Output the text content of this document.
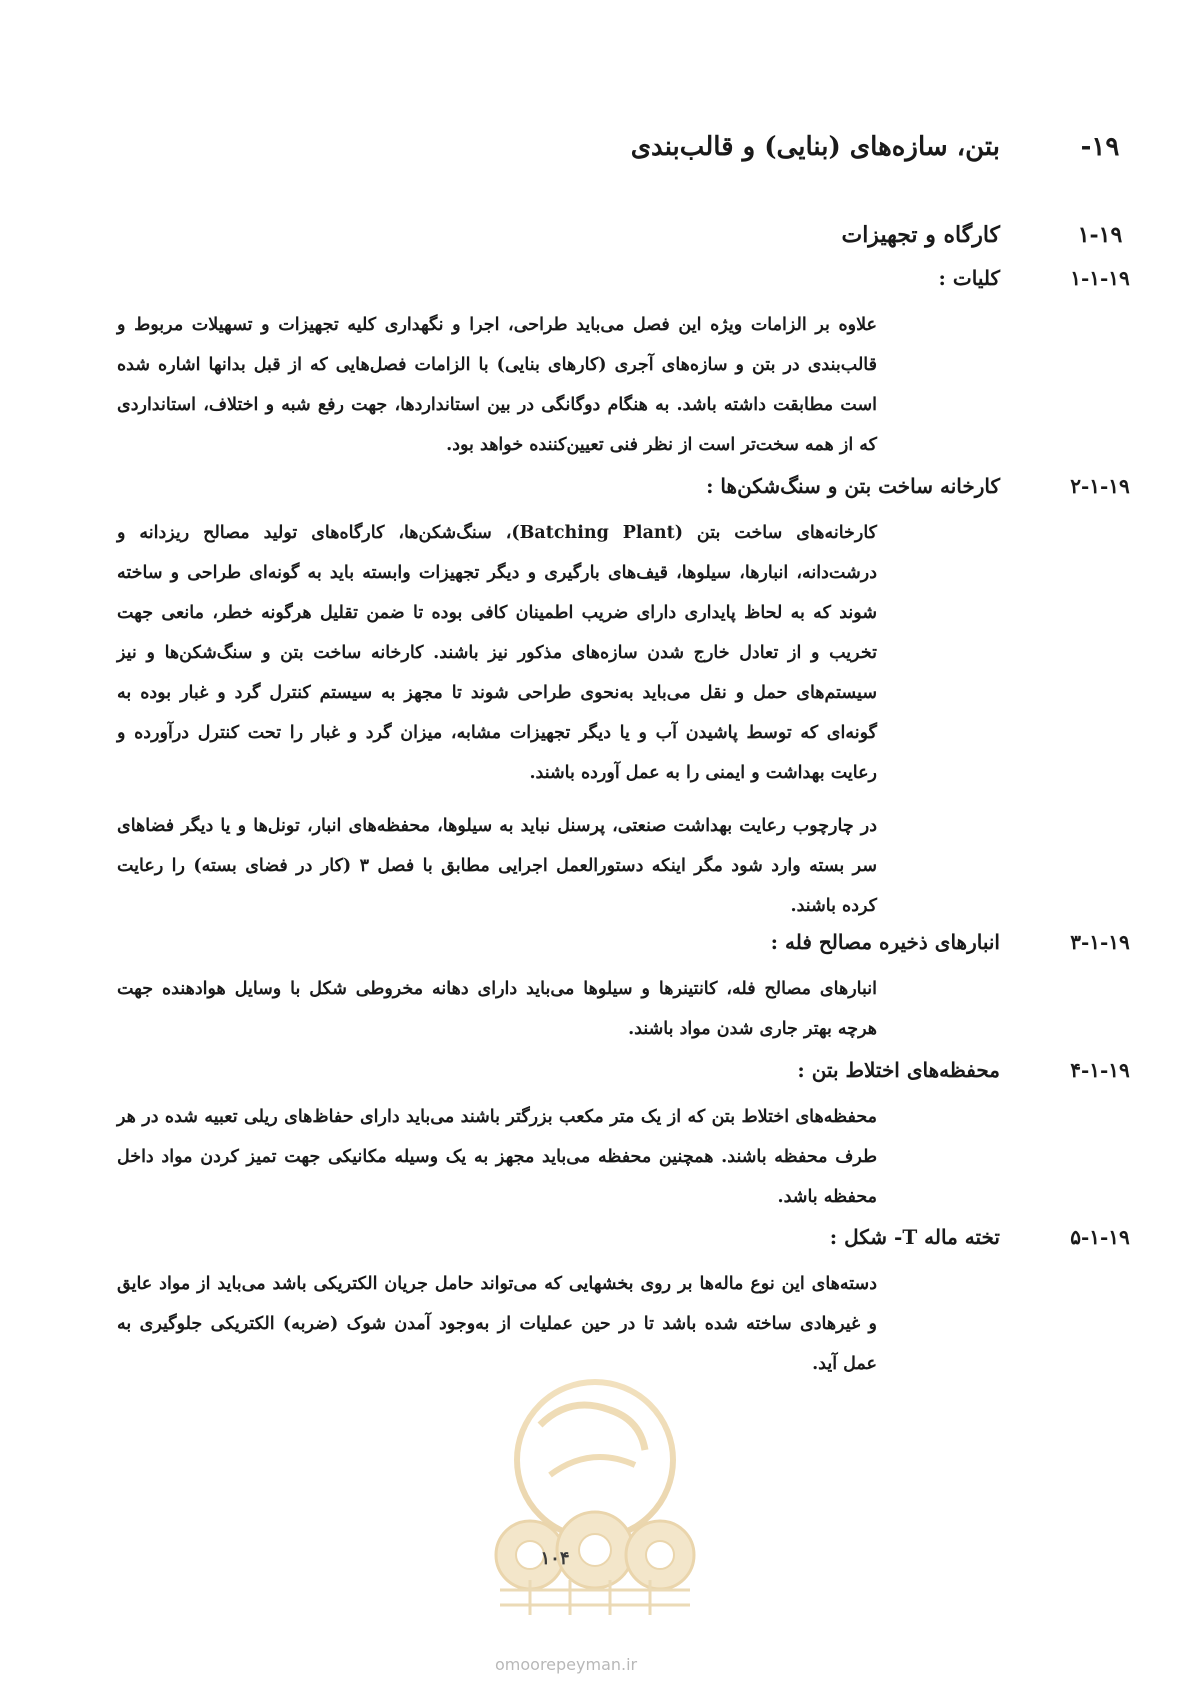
۱۹-
بتن، سازه‌های (بنایی) و قالب‌بندی
۱-۱۹
کارگاه و تجهیزات
۱-۱-۱۹
کلیات :

علاوه بر الزامات ویژه این فصل می‌باید طراحی، اجرا و نگهداری کلیه تجهیزات و تسهیلات مربوط و قالب‌بندی در بتن و سازه‌های آجری (کارهای بنایی) با الزامات فصل‌هایی که از قبل بدانها اشاره شده است مطابقت داشته باشد. به هنگام دوگانگی در بین استانداردها، جهت رفع شبه و اختلاف، استانداردی که از همه سخت‌تر است از نظر فنی تعیین‌کننده خواهد بود.

۲-۱-۱۹
کارخانه ساخت بتن و سنگ‌شکن‌ها :

کارخانه‌های ساخت بتن (Batching Plant)، سنگ‌شکن‌ها، کارگاه‌های تولید مصالح ریزدانه و درشت‌دانه، انبارها، سیلوها، قیف‌های بارگیری و دیگر تجهیزات وابسته باید به گونه‌ای طراحی و ساخته شوند که به لحاظ پایداری دارای ضریب اطمینان کافی بوده تا ضمن تقلیل هرگونه خطر، مانعی جهت تخریب و از تعادل خارج شدن سازه‌های مذکور نیز باشند. کارخانه ساخت بتن و سنگ‌شکن‌ها و نیز سیستم‌های حمل و نقل می‌باید به‌نحوی طراحی شوند تا مجهز به سیستم کنترل گرد و غبار بوده به گونه‌ای که توسط پاشیدن آب و یا دیگر تجهیزات مشابه، میزان گرد و غبار را تحت کنترل درآورده و رعایت بهداشت و ایمنی را به عمل آورده باشند.

در چارچوب رعایت بهداشت صنعتی، پرسنل نباید به سیلوها، محفظه‌های انبار، تونل‌ها و یا دیگر فضاهای سر بسته وارد شود مگر اینکه دستورالعمل اجرایی مطابق با فصل ۳ (کار در فضای بسته) را رعایت کرده باشند.

۳-۱-۱۹
انبارهای ذخیره مصالح فله :

انبارهای مصالح فله، کانتینرها و سیلوها می‌باید دارای دهانه مخروطی شکل با وسایل هوادهنده جهت هرچه بهتر جاری شدن مواد باشند.

۴-۱-۱۹
محفظه‌های اختلاط بتن :

محفظه‌های اختلاط بتن که از یک متر مکعب بزرگتر باشند می‌باید دارای حفاظ‌های ریلی تعبیه شده در هر طرف محفظه باشند. همچنین محفظه می‌باید مجهز به یک وسیله مکانیکی جهت تمیز کردن مواد داخل محفظه باشد.

۵-۱-۱۹
تخته ماله T- شکل :

دسته‌های این نوع ماله‌ها بر روی بخشهایی که می‌تواند حامل جریان الکتریکی باشد می‌باید از مواد عایق و غیرهادی ساخته شده باشد تا در حین عملیات از به‌وجود آمدن شوک (ضربه) الکتریکی جلوگیری به عمل آید.

۱۰۴
omoorepeyman.ir
